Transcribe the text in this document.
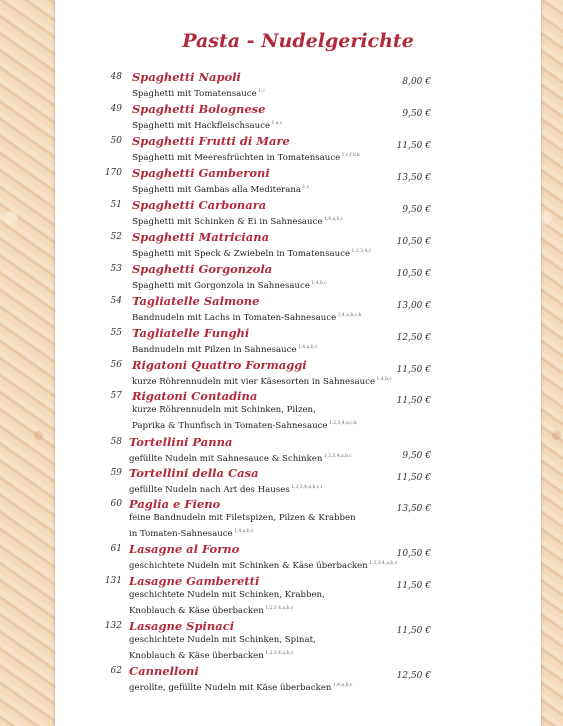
Pasta - Nudelgerichte
48 Spaghetti Napoli
Spaghetti mit Tomatensauce $^{1,c}$
8,00 €
49 Spaghetti Bolognese
Spaghetti mit Hackfleischsauce $^{1,a,c}$
9,50 €
50 Spaghetti Frutti di Mare
Spaghetti mit Meeresfrüchten in Tomatensauce $^{1,c,f,h,k}$
11,50 €
170 Spaghetti Gamberoni
Spaghetti mit Gambas alla Mediterana $^{1,c}$
13,50 €
51 Spaghetti Carbonara
Spaghetti mit Schinken & Ei in Sahnesauce $^{1,4,a,b,c}$
9,50 €
52 Spaghetti Matriciana
Spaghetti mit Speck & Zwiebeln in Tomatensauce $^{1,2,3,4,c}$
10,50 €
53 Spaghetti Gorgonzola
Spaghetti mit Gorgonzola in Sahnesauce $^{1,4,b,c}$
10,50 €
54 Tagliatelle Salmone
Bandnudeln mit Lachs in Tomaten-Sahnesauce $^{1,4,a,b,c,k}$
13,00 €
55 Tagliatelle Funghi
Bandnudeln mit Pilzen in Sahnesauce $^{1,4,a,b,c}$
12,50 €
56 Rigatoni Quattro Formaggi
kurze Röhrennudeln mit vier Käsesorten in Sahnesauce $^{1,4,b,c}$
11,50 €
57 Rigatoni Contadina
kurze Röhrennudeln mit Schinken, Pilzen,
Paprika & Thunfisch in Tomaten-Sahnesauce $^{1,2,3,4,a,c,k}$
11,50 €
58 Tortellini Panna
gefüllte Nudeln mit Sahnesauce & Schinken $^{1,2,3,4,a,b,c}$	9,50 €
59 Tortellini della Casa
gefüllte Nudeln nach Art des Hauses $^{1,2,3,4,a,b,c,l}$
11,50 €
60 Paglia e Fieno
feine Bandnudeln mit Filetspizen, Pilzen & Krabben
in Tomaten-Sahnesauce $^{1,4,a,b,c}$
13,50 €
61 Lasagne al Forno
geschichtete Nudeln mit Schinken & Käse überbacken $^{1,2,3,4,a,b,c}$
10,50 €
131 Lasagne Gamberetti
geschichtete Nudeln mit Schinken, Krabben,
Knoblauch & Käse überbacken $^{1,2,3,4,a,b,c}$
11,50 €
132 Lasagne Spinaci
geschichtete Nudeln mit Schinken, Spinat,
Knoblauch & Käse überbacken $^{1,2,3,4,a,b,c}$
11,50 €
62 Cannelloni
gerollte, gefüllte Nudeln mit Käse überbacken $^{1,4,a,b,c}$
12,50 €
